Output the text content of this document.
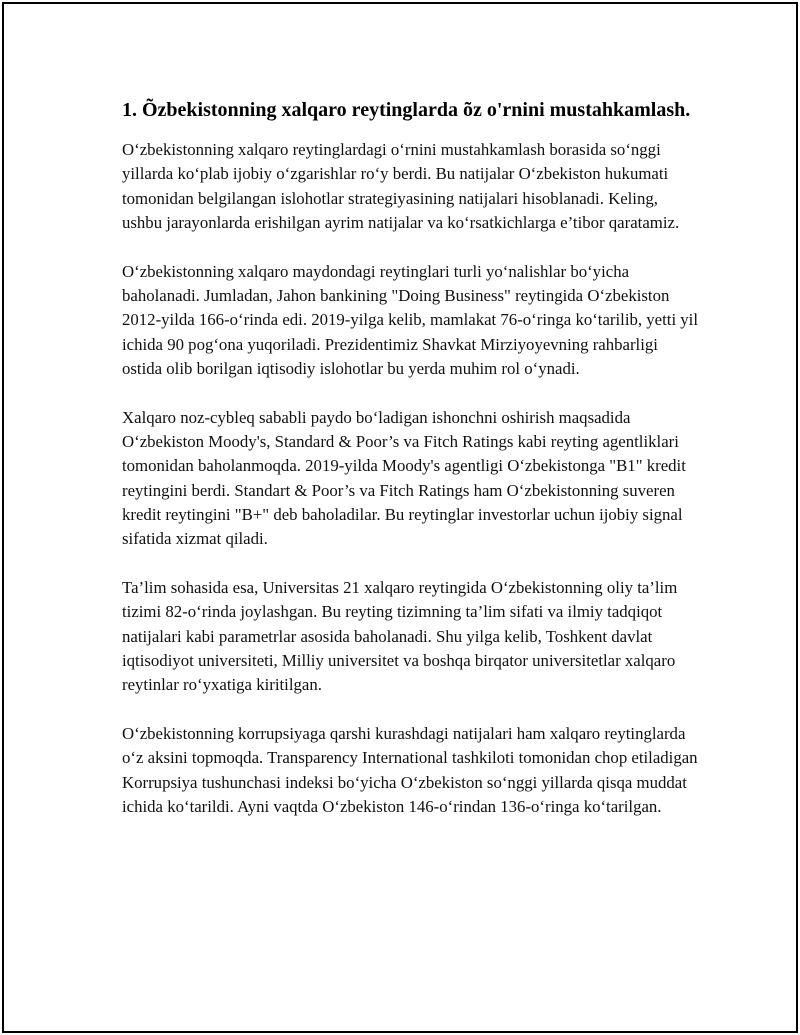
1. Õzbekistonning xalqaro reytinglarda õz o'rnini mustahkamlash.

O‘zbekistonning xalqaro reytinglardagi o‘rnini mustahkamlash borasida so‘nggi yillarda ko‘plab ijobiy o‘zgarishlar ro‘y berdi. Bu natijalar O‘zbekiston hukumati tomonidan belgilangan islohotlar strategiyasining natijalari hisoblanadi. Keling, ushbu jarayonlarda erishilgan ayrim natijalar va ko‘rsatkichlarga e’tibor qaratamiz.

O‘zbekistonning xalqaro maydondagi reytinglari turli yo‘nalishlar bo‘yicha baholanadi. Jumladan, Jahon bankining "Doing Business" reytingida O‘zbekiston 2012-yilda 166-o‘rinda edi. 2019-yilga kelib, mamlakat 76-o‘ringa ko‘tarilib, yetti yil ichida 90 pog‘ona yuqoriladi. Prezidentimiz Shavkat Mirziyoyevning rahbarligi ostida olib borilgan iqtisodiy islohotlar bu yerda muhim rol o‘ynadi.

Xalqaro noz-cybleq sababli paydo bo‘ladigan ishonchni oshirish maqsadida O‘zbekiston Moody's, Standard & Poor’s va Fitch Ratings kabi reyting agentliklari tomonidan baholanmoqda. 2019-yilda Moody's agentligi O‘zbekistonga "B1" kredit reytingini berdi. Standart & Poor’s va Fitch Ratings ham O‘zbekistonning suveren kredit reytingini "B+" deb baholadilar. Bu reytinglar investorlar uchun ijobiy signal sifatida xizmat qiladi.

Ta’lim sohasida esa, Universitas 21 xalqaro reytingida O‘zbekistonning oliy ta’lim tizimi 82-o‘rinda joylashgan. Bu reyting tizimning ta’lim sifati va ilmiy tadqiqot natijalari kabi parametrlar asosida baholanadi. Shu yilga kelib, Toshkent davlat iqtisodiyot universiteti, Milliy universitet va boshqa birqator universitetlar xalqaro reytinlar ro‘yxatiga kiritilgan.

O‘zbekistonning korrupsiyaga qarshi kurashdagi natijalari ham xalqaro reytinglarda o‘z aksini topmoqda. Transparency International tashkiloti tomonidan chop etiladigan Korrupsiya tushunchasi indeksi bo‘yicha O‘zbekiston so‘nggi yillarda qisqa muddat ichida ko‘tarildi. Ayni vaqtda O‘zbekiston 146-o‘rindan 136-o‘ringa ko‘tarilgan.
